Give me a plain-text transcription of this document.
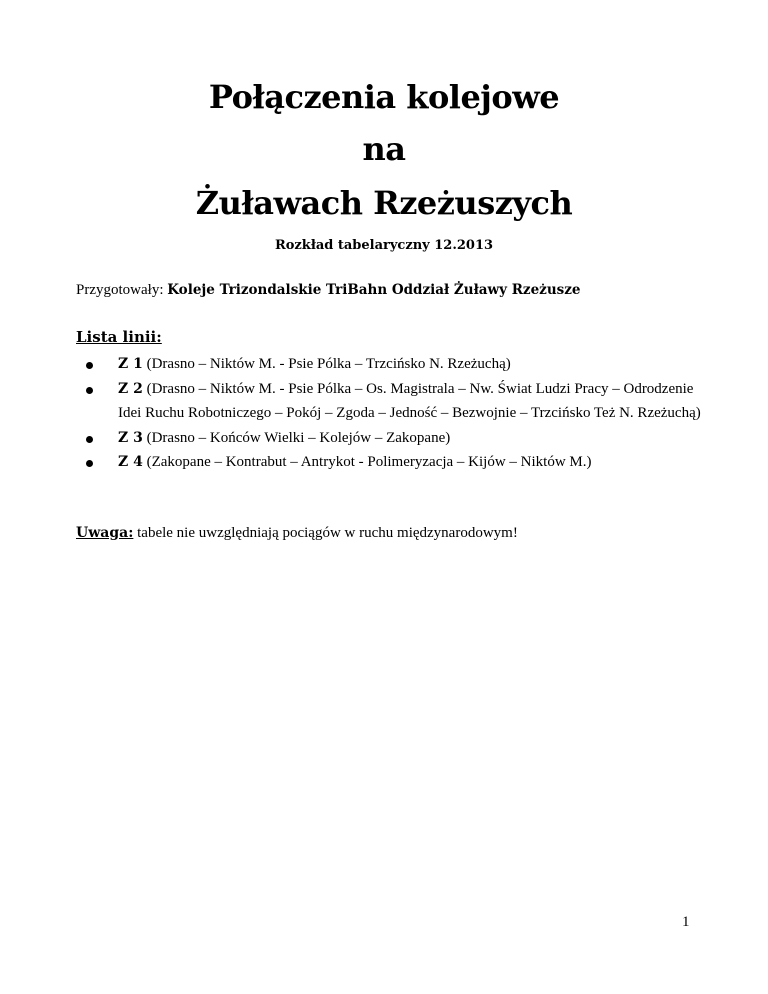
Połączenia kolejowe
na
Żuławach Rzeżuszych
Rozkład tabelaryczny 12.2013
Przygotowały: Koleje Trizondalskie TriBahn Oddział Żuławy Rzeżusze
Lista linii:
Z 1 (Drasno – Niktów M. - Psie Pólka – Trzcińsko N. Rzeżuchą)
Z 2 (Drasno – Niktów M. - Psie Pólka – Os. Magistrala – Nw. Świat Ludzi Pracy – Odrodzenie Idei Ruchu Robotniczego – Pokój – Zgoda – Jedność – Bezwojnie – Trzcińsko Też N. Rzeżuchą)
Z 3 (Drasno – Końców Wielki – Kolejów – Zakopane)
Z 4 (Zakopane – Kontrabut – Antrykot - Polimeryzacja – Kijów – Niktów M.)
Uwaga: tabele nie uwzględniają pociągów w ruchu międzynarodowym!
1
